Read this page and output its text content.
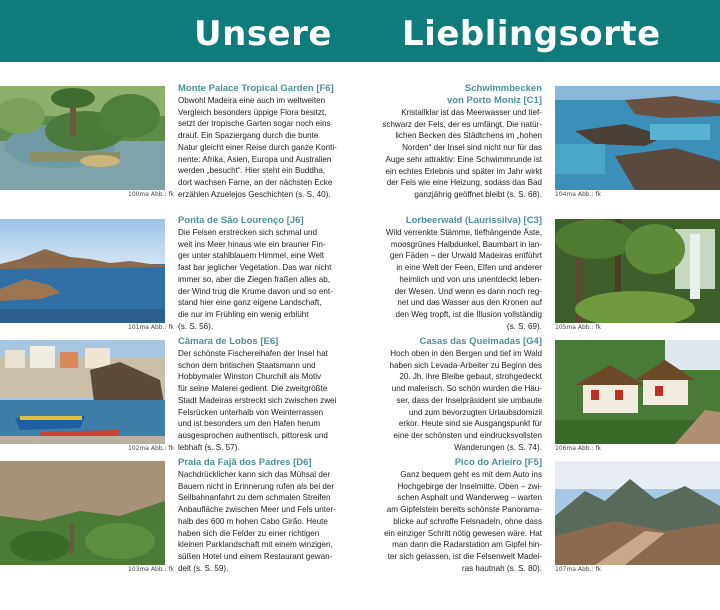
Unsere Lieblingsorte
100ma Abb.: fk
101ma Abb.: fk
102ma Abb.: fk
103ma Abb.: fk
104ma Abb.: fk
105ma Abb.: fk
106ma Abb.: fk
107ma Abb.: fk
Monte Palace Tropical Garden [F6]
Obwohl Madeira eine auch im weltweiten
Vergleich besonders üppige Flora besitzt,
setzt der tropische Garten sogar noch eins
drauf. Ein Spaziergang durch die bunte
Natur gleicht einer Reise durch ganze Konti-
nente: Afrika, Asien, Europa und Australien
werden „besucht“. Hier steht ein Buddha,
dort wachsen Farne, an der nächsten Ecke
erzählen Azuelejos Geschichten (s. S. 40).
Ponta de São Lourenço [J6]
Die Felsen erstrecken sich schmal und
weit ins Meer hinaus wie ein brauner Fin-
ger unter stahlblauem Himmel, eine Welt
fast bar jeglicher Vegetation. Das war nicht
immer so, aber die Ziegen fraßen alles ab,
der Wind trug die Krume davon und so ent-
stand hier eine ganz eigene Landschaft,
die nur im Frühling ein wenig erblüht
(s. S. 56).
Câmara de Lobos [E6]
Der schönste Fischereihafen der Insel hat
schon dem britischen Staatsmann und
Hobbymaler Winston Churchill als Motiv
für seine Malerei gedient. Die zweitgrößte
Stadt Madeiras erstreckt sich zwischen zwei
Felsrücken unterhalb von Weinterrassen
und ist besonders um den Hafen herum
ausgesprochen authentisch, pittoresk und
lebhaft (s. S. 57).
Praia da Fajã dos Padres [D6]
Nachdrücklicher kann sich das Mühsal der
Bauern nicht in Erinnerung rufen als bei der
Seilbahnanfahrt zu dem schmalen Streifen
Anbaufläche zwischen Meer und Fels unter-
halb des 600 m hohen Cabo Girão. Heute
haben sich die Felder zu einer richtigen
kleinen Parklandschaft mit einem winzigen,
süßen Hotel und einem Restaurant gewan-
delt (s. S. 59).
Schwimmbecken
von Porto Moniz [C1]
Kristallklar ist das Meerwasser und tief-
schwarz der Fels, der es umfängt. Die natür-
lichen Becken des Städtchens im „hohen
Norden“ der Insel sind nicht nur für das
Auge sehr attraktiv: Eine Schwimmrunde ist
ein echtes Erlebnis und später im Jahr wirkt
der Fels wie eine Heizung, sodass das Bad
ganzjährig geöffnet bleibt (s. S. 68).
Lorbeerwald (Laurissilva) [C3]
Wild verrenkte Stämme, tiefhängende Äste,
moosgrünes Halbdunkel, Baumbart in lan-
gen Fäden – der Urwald Madeiras entführt
in eine Welt der Feen, Elfen und anderer
heimlich und von uns unentdeckt leben-
der Wesen. Und wenn es dann noch reg-
net und das Wasser aus den Kronen auf
den Weg tropft, ist die Illusion vollständig
(s. S. 69).
Casas das Queimadas [G4]
Hoch oben in den Bergen und tief im Wald
haben sich Levada-Arbeiter zu Beginn des
20. Jh. ihre Bleibe gebaut, strohgedeckt
und malerisch. So schön wurden die Häu-
ser, dass der Inselpräsident sie umbaute
und zum bevorzugten Urlaubsdomizil
erkor. Heute sind sie Ausgangspunkt für
eine der schönsten und eindrucksvollsten
Wanderungen (s. S. 74).
Pico do Arieiro [F5]
Ganz bequem geht es mit dem Auto ins
Hochgebirge der Inselmitte. Oben – zwi-
schen Asphalt und Wanderweg – warten
am Gipfelstein bereits schönste Panorama-
blicke auf schroffe Felsnadeln, ohne dass
ein einziger Schritt nötig gewesen wäre. Hat
man dann die Radarstation am Gipfel hin-
ter sich gelassen, ist die Felsenwelt Madei-
ras hautnah (s. S. 80).
